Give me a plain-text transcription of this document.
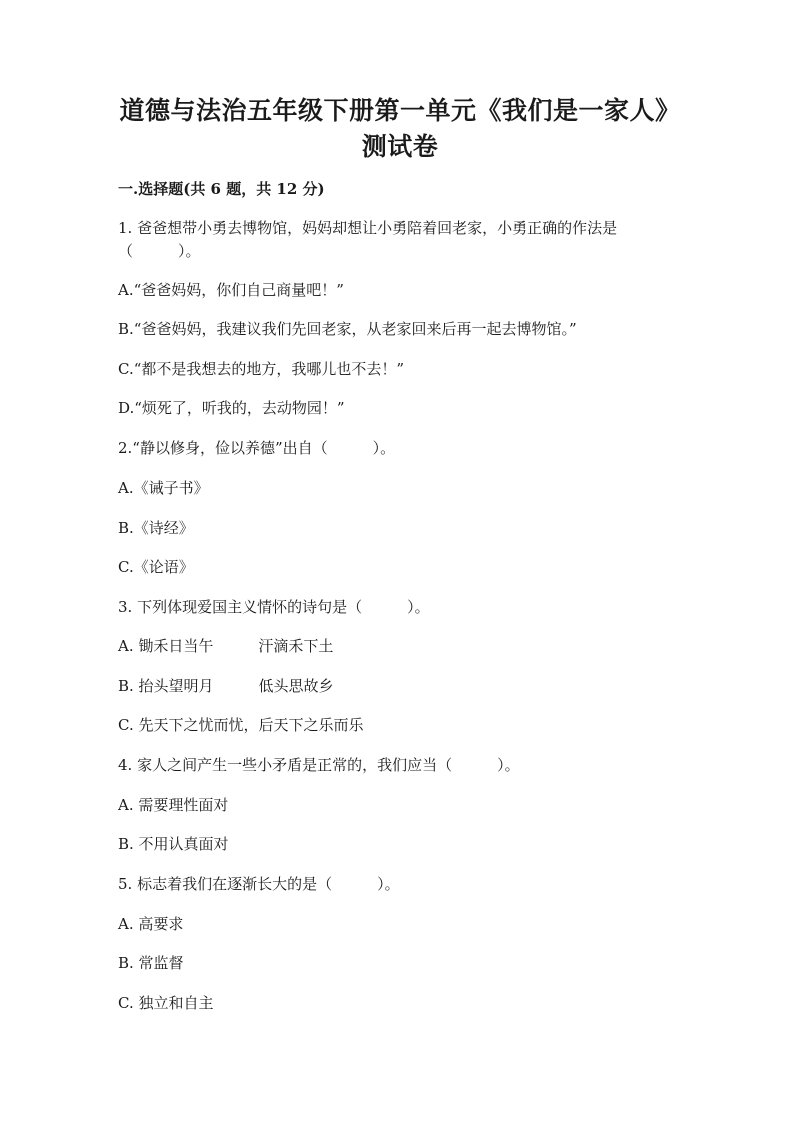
道德与法治五年级下册第一单元《我们是一家人》
测试卷
一.选择题(共 6 题，共 12 分)
1. 爸爸想带小勇去博物馆，妈妈却想让小勇陪着回老家，小勇正确的作法是
（　　　）。
A.“爸爸妈妈，你们自己商量吧！”
B.“爸爸妈妈，我建议我们先回老家，从老家回来后再一起去博物馆。”
C.“都不是我想去的地方，我哪儿也不去！”
D.“烦死了，听我的，去动物园！”
2.“静以修身，俭以养德”出自（　　　）。
A.《诫子书》
B.《诗经》
C.《论语》
3. 下列体现爱国主义情怀的诗句是（　　　）。
A. 锄禾日当午　　　汗滴禾下土
B. 抬头望明月　　　低头思故乡
C. 先天下之忧而忧，后天下之乐而乐
4. 家人之间产生一些小矛盾是正常的，我们应当（　　　）。
A. 需要理性面对
B. 不用认真面对
5. 标志着我们在逐渐长大的是（　　　）。
A. 高要求
B. 常监督
C. 独立和自主
